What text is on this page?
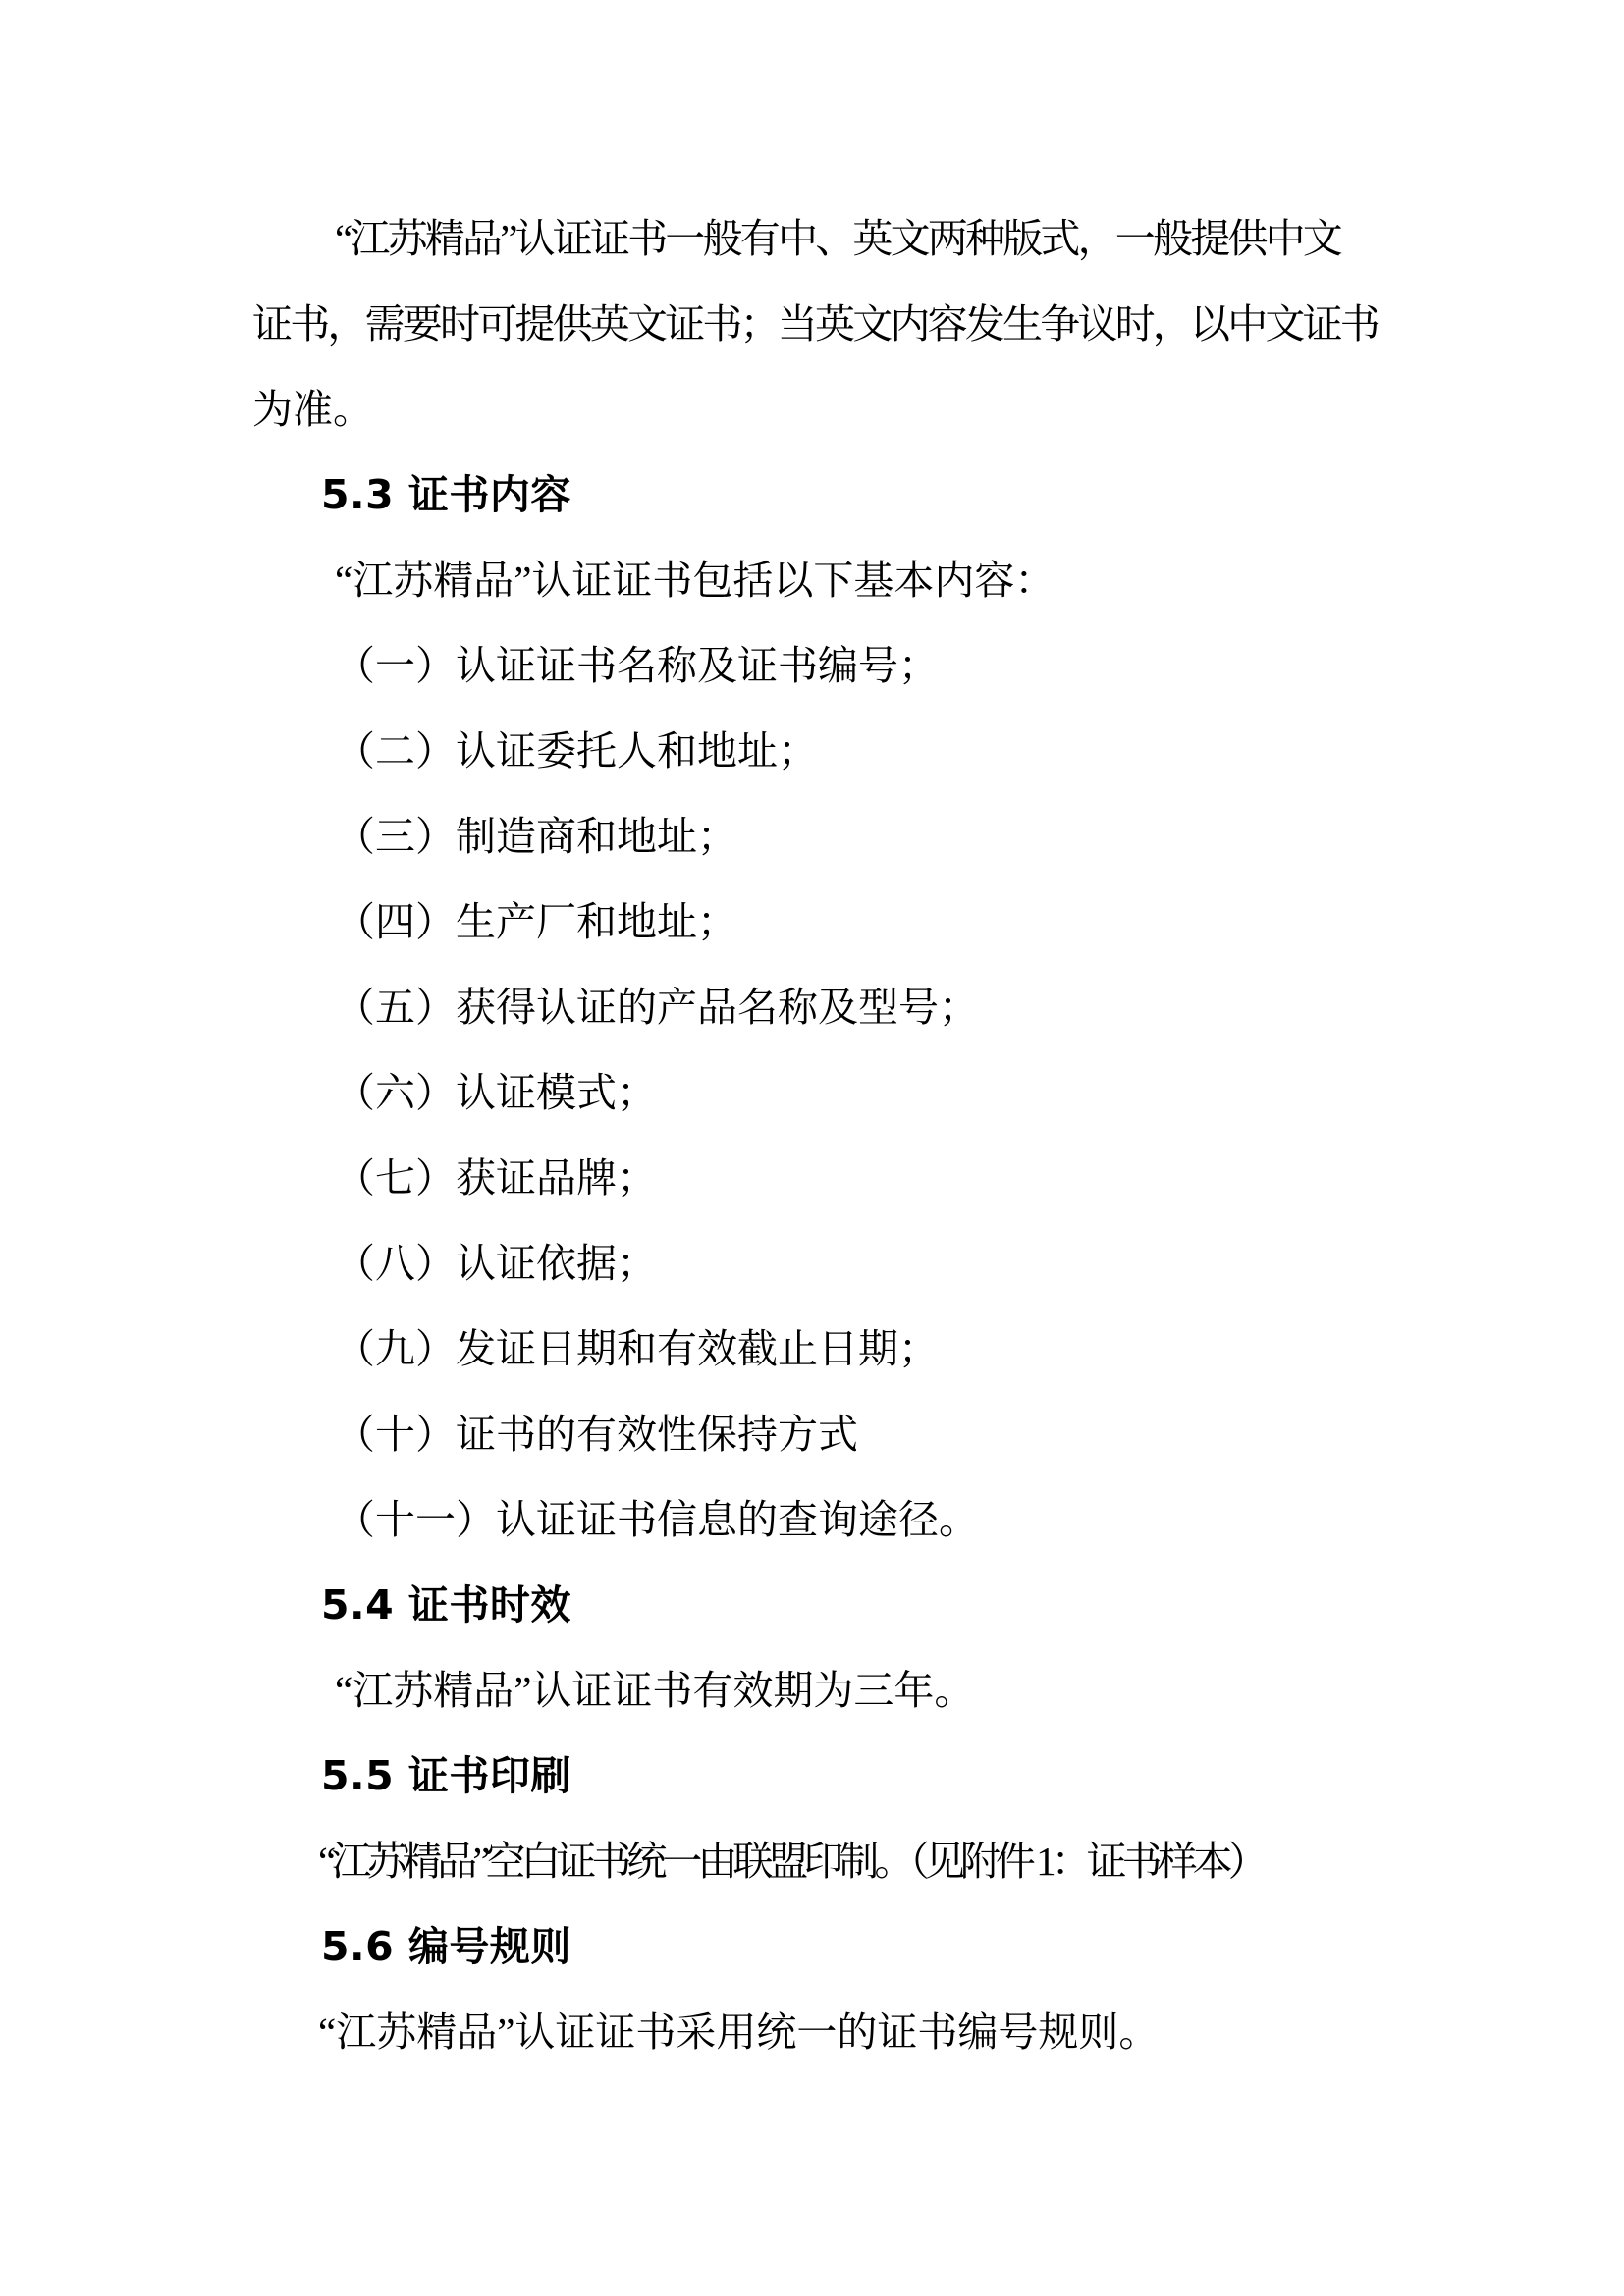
“江苏精品”认证证书一般有中、英文两种版式，一般提供中文
证书，需要时可提供英文证书；当英文内容发生争议时，以中文证书
为准。
5.3 证书内容
“江苏精品”认证证书包括以下基本内容：
（一）认证证书名称及证书编号；
（二）认证委托人和地址；
（三）制造商和地址；
（四）生产厂和地址；
（五）获得认证的产品名称及型号；
（六）认证模式；
（七）获证品牌；
（八）认证依据；
（九）发证日期和有效截止日期；
（十）证书的有效性保持方式
（十一）认证证书信息的查询途径。
5.4 证书时效
“江苏精品”认证证书有效期为三年。
5.5 证书印刷
“江苏精品”空白证书统一由联盟印制。（见附件 1：证书样本）
5.6 编号规则
“江苏精品”认证证书采用统一的证书编号规则。
